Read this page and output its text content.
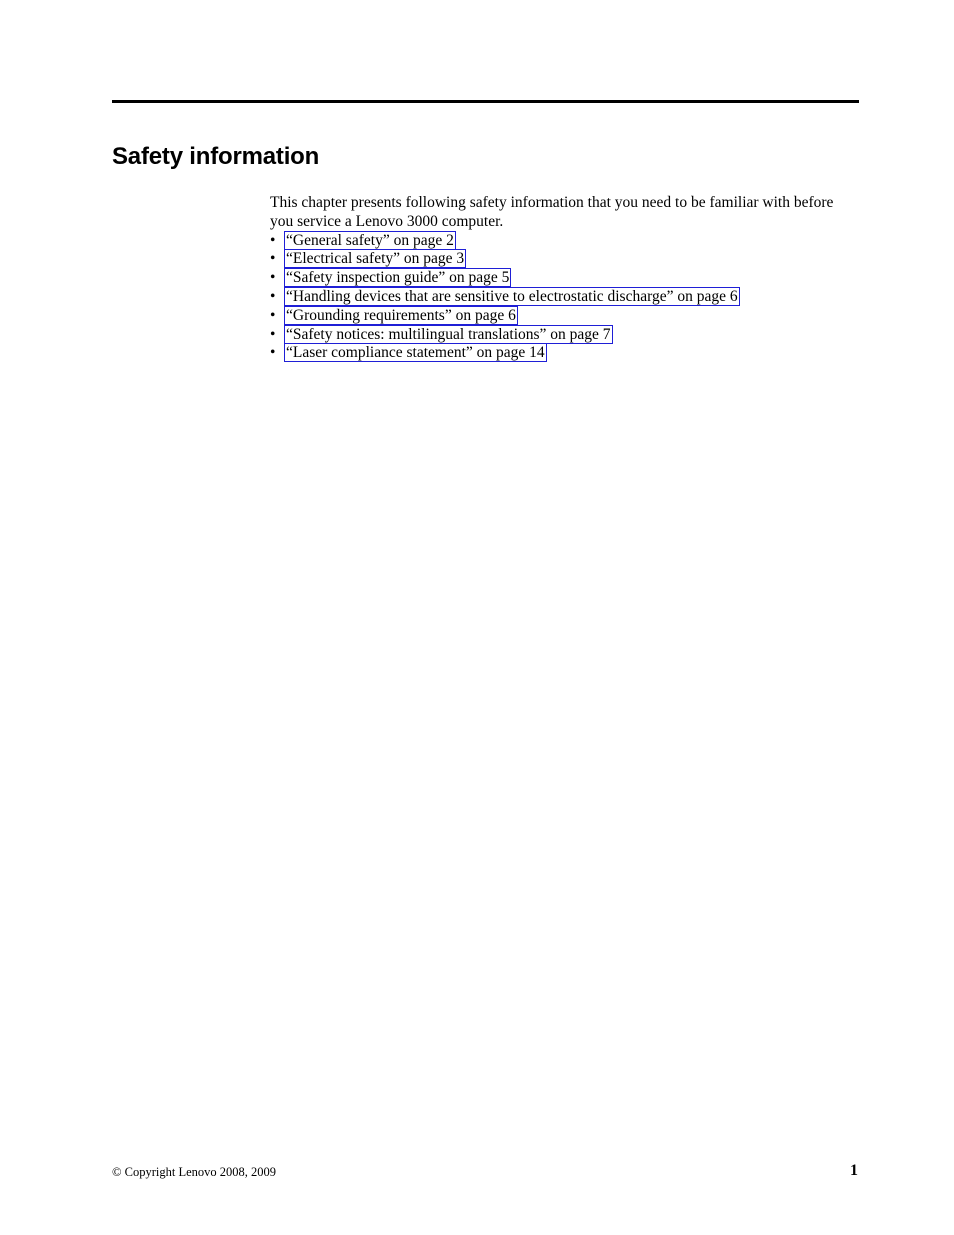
Safety information

This chapter presents following safety information that you need to be familiar with before you service a Lenovo 3000 computer.

• “General safety” on page 2
• “Electrical safety” on page 3
• “Safety inspection guide” on page 5
• “Handling devices that are sensitive to electrostatic discharge” on page 6
• “Grounding requirements” on page 6
• “Safety notices: multilingual translations” on page 7
• “Laser compliance statement” on page 14
© Copyright Lenovo 2008, 2009	1
